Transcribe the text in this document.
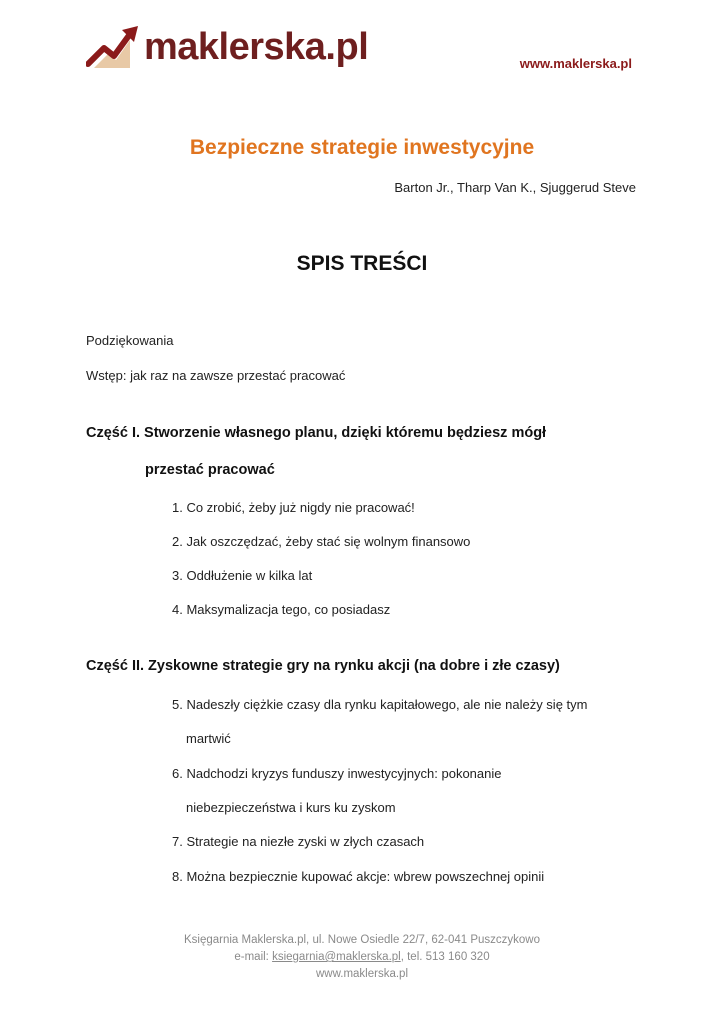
maklerska.pl	www.maklerska.pl
Bezpieczne strategie inwestycyjne
Barton Jr., Tharp Van K., Sjuggerud Steve
SPIS TREŚCI
Podziękowania
Wstęp: jak raz na zawsze przestać pracować
Część I. Stworzenie własnego planu, dzięki któremu będziesz mógł
przestać pracować
1. Co zrobić, żeby już nigdy nie pracować!
2. Jak oszczędzać, żeby stać się wolnym finansowo
3. Oddłużenie w kilka lat
4. Maksymalizacja tego, co posiadasz
Część II. Zyskowne strategie gry na rynku akcji (na dobre i złe czasy)
5. Nadeszły ciężkie czasy dla rynku kapitałowego, ale nie należy się tym
martwić
6. Nadchodzi kryzys funduszy inwestycyjnych: pokonanie
niebezpieczeństwa i kurs ku zyskom
7. Strategie na niezłe zyski w złych czasach
8. Można bezpiecznie kupować akcje: wbrew powszechnej opinii
Księgarnia Maklerska.pl, ul. Nowe Osiedle 22/7, 62-041 Puszczykowo
e-mail: ksiegarnia@maklerska.pl, tel. 513 160 320
www.maklerska.pl
